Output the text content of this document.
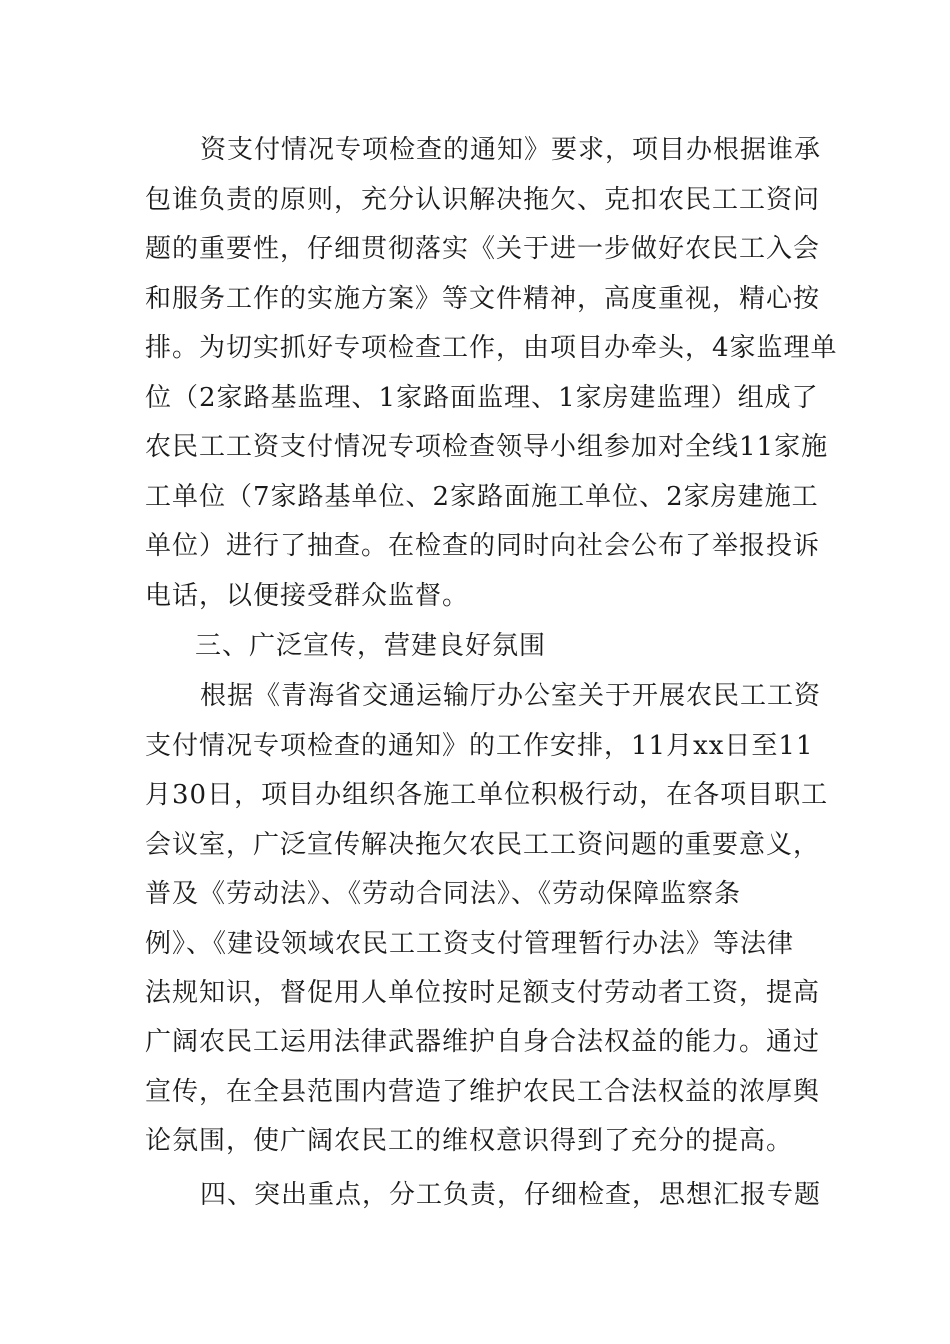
资支付情况专项检查的通知》要求，项目办根据谁承
包谁负责的原则，充分认识解决拖欠、克扣农民工工资问
题的重要性，仔细贯彻落实《关于进一步做好农民工入会
和服务工作的实施方案》等文件精神，高度重视，精心按
排。为切实抓好专项检查工作，由项目办牵头，4家监理单
位（2家路基监理、1家路面监理、1家房建监理）组成了
农民工工资支付情况专项检查领导小组参加对全线11家施
工单位（7家路基单位、2家路面施工单位、2家房建施工
单位）进行了抽查。在检查的同时向社会公布了举报投诉
电话，以便接受群众监督。
三、广泛宣传，营建良好氛围
根据《青海省交通运输厅办公室关于开展农民工工资
支付情况专项检查的通知》的工作安排，11月xx日至11
月30日，项目办组织各施工单位积极行动，在各项目职工
会议室，广泛宣传解决拖欠农民工工资问题的重要意义，
普及《劳动法》、《劳动合同法》、《劳动保障监察条
例》、《建设领域农民工工资支付管理暂行办法》等法律
法规知识，督促用人单位按时足额支付劳动者工资，提高
广阔农民工运用法律武器维护自身合法权益的能力。通过
宣传，在全县范围内营造了维护农民工合法权益的浓厚舆
论氛围，使广阔农民工的维权意识得到了充分的提高。
四、突出重点，分工负责，仔细检查，思想汇报专题
